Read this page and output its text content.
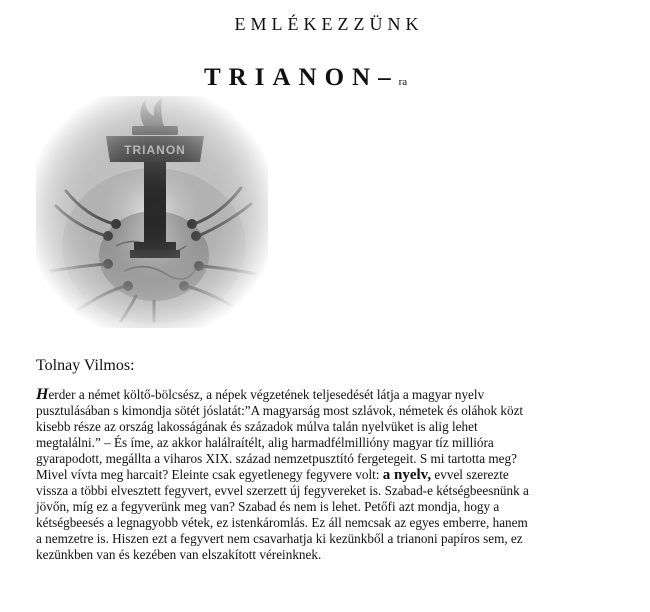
EMLÉKEZZÜNK
TRIANON–ra
Tolnay Vilmos:

Herder a német költő-bölcsész, a népek végzetének teljesedését látja a magyar nyelv

pusztulásában s kimondja sötét jóslatát:”A magyarság most szlávok, németek és oláhok közt

kisebb része az ország lakosságának és századok múlva talán nyelvüket is alig lehet

megtalálni.” – És íme, az akkor halálraítélt, alig harmadfélmillióny magyar tíz millióra

gyarapodott, megállta a viharos XIX. század nemzetpusztító fergetegeit. S mi tartotta meg?

Mivel vívta meg harcait? Eleinte csak egyetlenegy fegyvere volt: a nyelv, evvel szerezte

vissza a többi elvesztett fegyvert, evvel szerzett új fegyvereket is. Szabad-e kétségbeesnünk a

jövőn, míg ez a fegyverünk meg van? Szabad és nem is lehet. Petőfi azt mondja, hogy a

kétségbeesés a legnagyobb vétek, ez istenkáromlás. Ez áll nemcsak az egyes emberre, hanem

a nemzetre is. Hiszen ezt a fegyvert nem csavarhatja ki kezünkből a trianoni papíros sem, ez

kezünkben van és kezében van elszakított véreinknek.
